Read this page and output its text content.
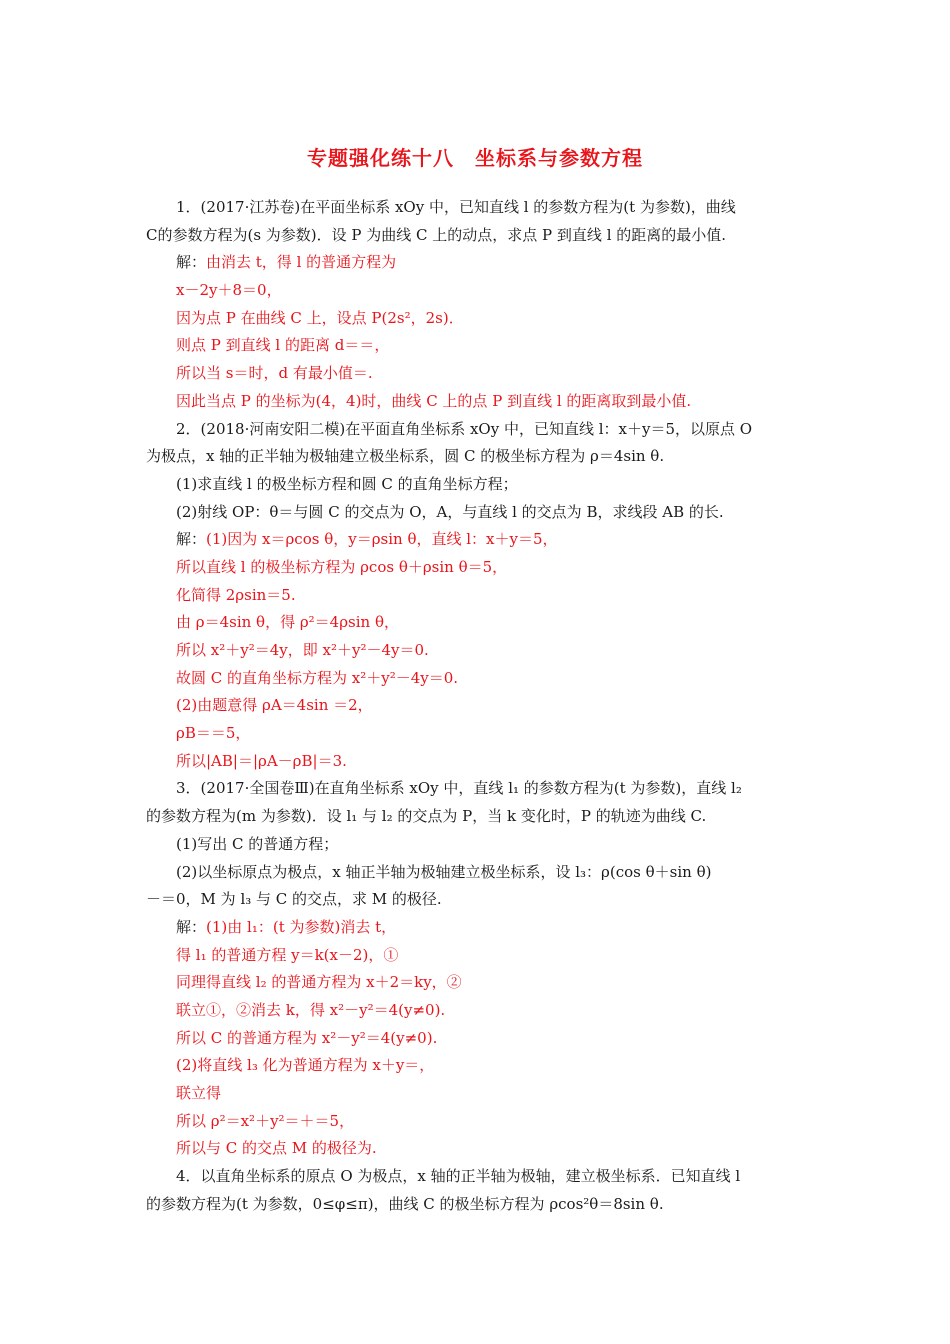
专题强化练十八　坐标系与参数方程
1．(2017·江苏卷)在平面坐标系 xOy 中，已知直线 l 的参数方程为(t 为参数)，曲线
C的参数方程为(s 为参数)．设 P 为曲线 C 上的动点，求点 P 到直线 l 的距离的最小值.
解：由消去 t，得 l 的普通方程为
x－2y＋8＝0，
因为点 P 在曲线 C 上，设点 P(2s²，2s)．
则点 P 到直线 l 的距离 d＝＝，
所以当 s＝时，d 有最小值＝.
因此当点 P 的坐标为(4，4)时，曲线 C 上的点 P 到直线 l 的距离取到最小值.
2．(2018·河南安阳二模)在平面直角坐标系 xOy 中，已知直线 l：x＋y＝5，以原点 O
为极点，x 轴的正半轴为极轴建立极坐标系，圆 C 的极坐标方程为 ρ＝4sin θ.
(1)求直线 l 的极坐标方程和圆 C 的直角坐标方程；
(2)射线 OP：θ＝与圆 C 的交点为 O，A，与直线 l 的交点为 B，求线段 AB 的长.
解：(1)因为 x＝ρcos θ，y＝ρsin θ，直线 l：x＋y＝5，
所以直线 l 的极坐标方程为 ρcos θ＋ρsin θ＝5，
化简得 2ρsin＝5.
由 ρ＝4sin θ，得 ρ²＝4ρsin θ，
所以 x²＋y²＝4y，即 x²＋y²－4y＝0.
故圆 C 的直角坐标方程为 x²＋y²－4y＝0.
(2)由题意得 ρA＝4sin ＝2，
ρB＝＝5，
所以|AB|＝|ρA－ρB|＝3.
3．(2017·全国卷Ⅲ)在直角坐标系 xOy 中，直线 l₁ 的参数方程为(t 为参数)，直线 l₂
的参数方程为(m 为参数)．设 l₁ 与 l₂ 的交点为 P，当 k 变化时，P 的轨迹为曲线 C.
(1)写出 C 的普通方程；
(2)以坐标原点为极点，x 轴正半轴为极轴建立极坐标系，设 l₃：ρ(cos θ＋sin θ)
－＝0，M 为 l₃ 与 C 的交点，求 M 的极径.
解：(1)由 l₁：(t 为参数)消去 t，
得 l₁ 的普通方程 y＝k(x－2)，①
同理得直线 l₂ 的普通方程为 x＋2＝ky，②
联立①，②消去 k，得 x²－y²＝4(y≠0).
所以 C 的普通方程为 x²－y²＝4(y≠0).
(2)将直线 l₃ 化为普通方程为 x＋y＝，
联立得
所以 ρ²＝x²＋y²＝＋＝5，
所以与 C 的交点 M 的极径为.
4．以直角坐标系的原点 O 为极点，x 轴的正半轴为极轴，建立极坐标系．已知直线 l
的参数方程为(t 为参数，0≤φ≤π)，曲线 C 的极坐标方程为 ρcos²θ＝8sin θ.
